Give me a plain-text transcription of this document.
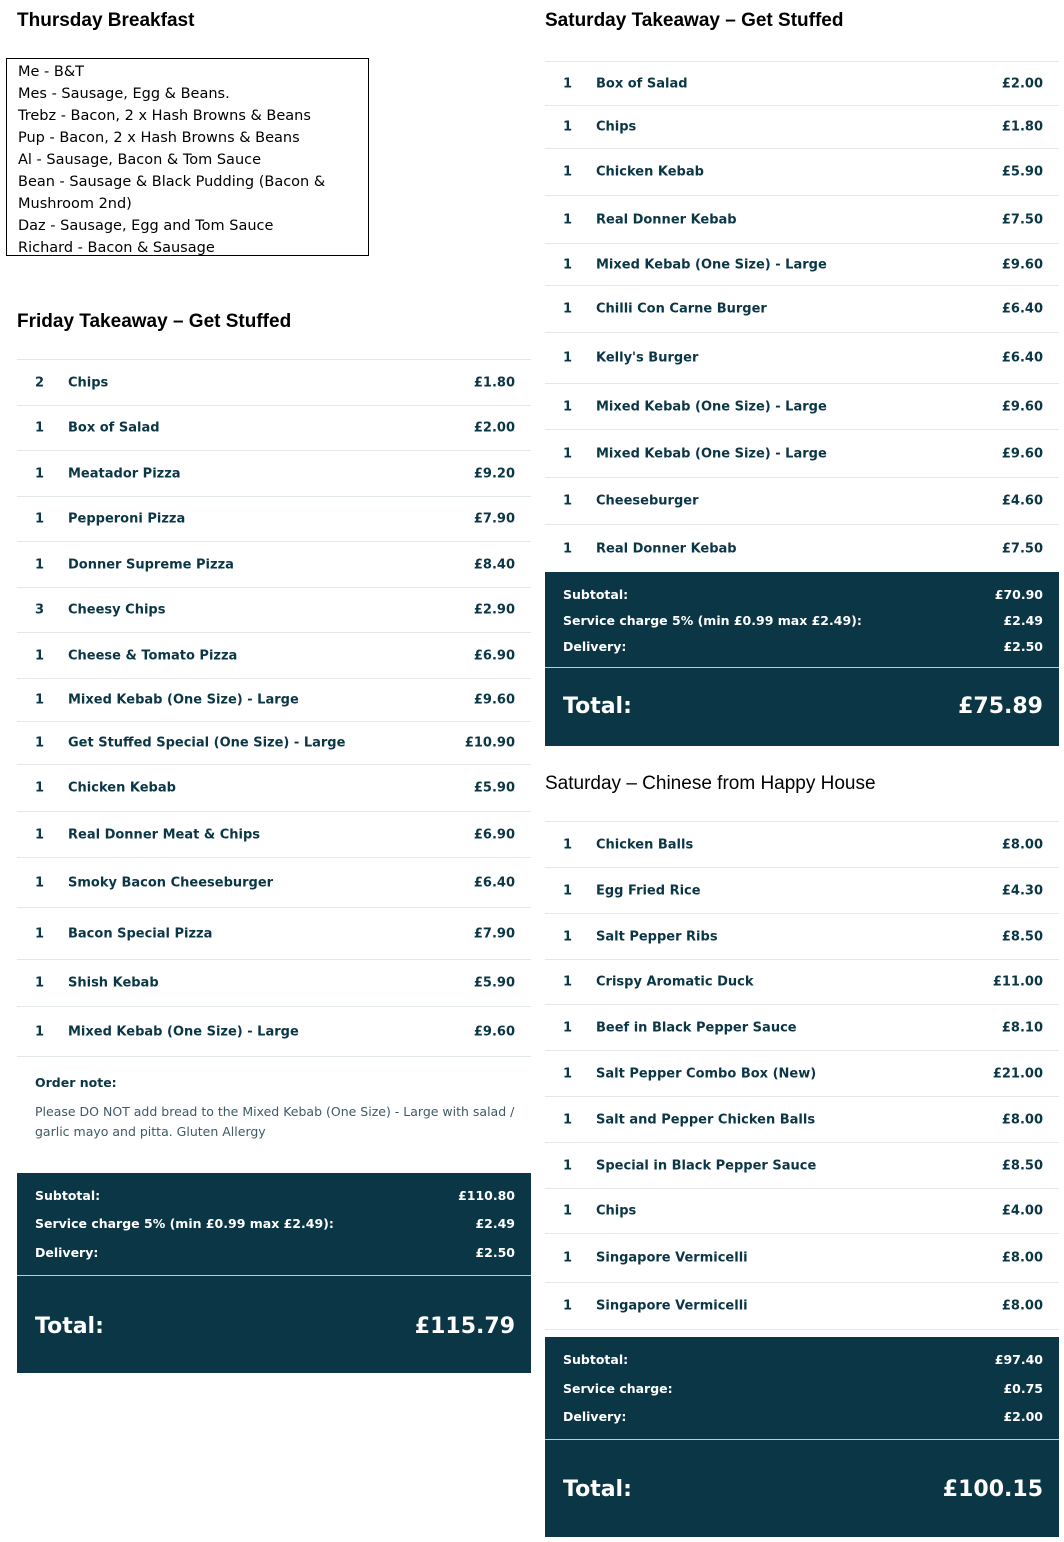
Thursday Breakfast
Me - B&T
Mes - Sausage, Egg & Beans.
Trebz - Bacon, 2 x Hash Browns & Beans
Pup - Bacon, 2 x Hash Browns & Beans
Al - Sausage, Bacon & Tom Sauce
Bean - Sausage & Black Pudding (Bacon & Mushroom 2nd)
Daz - Sausage, Egg and Tom Sauce
Richard - Bacon & Sausage
Friday Takeaway – Get Stuffed
2 Chips	£1.80
1 Box of Salad	£2.00
1 Meatador Pizza	£9.20
1 Pepperoni Pizza	£7.90
1 Donner Supreme Pizza	£8.40
3 Cheesy Chips	£2.90
1 Cheese & Tomato Pizza	£6.90
1 Mixed Kebab (One Size) - Large	£9.60
1 Get Stuffed Special (One Size) - Large	£10.90
1 Chicken Kebab	£5.90
1 Real Donner Meat & Chips	£6.90
1 Smoky Bacon Cheeseburger	£6.40
1 Bacon Special Pizza	£7.90
1 Shish Kebab	£5.90
1 Mixed Kebab (One Size) - Large	£9.60
Order note:
Please DO NOT add bread to the Mixed Kebab (One Size) - Large with salad / garlic mayo and pitta. Gluten Allergy
Subtotal:	£110.80
Service charge 5% (min £0.99 max £2.49):	£2.49
Delivery:	£2.50
Total:	£115.79
Saturday Takeaway – Get Stuffed
1 Box of Salad	£2.00
1 Chips	£1.80
1 Chicken Kebab	£5.90
1 Real Donner Kebab	£7.50
1 Mixed Kebab (One Size) - Large	£9.60
1 Chilli Con Carne Burger	£6.40
1 Kelly's Burger	£6.40
1 Mixed Kebab (One Size) - Large	£9.60
1 Mixed Kebab (One Size) - Large	£9.60
1 Cheeseburger	£4.60
1 Real Donner Kebab	£7.50
Subtotal:	£70.90
Service charge 5% (min £0.99 max £2.49):	£2.49
Delivery:	£2.50
Total:	£75.89
Saturday – Chinese from Happy House
1 Chicken Balls	£8.00
1 Egg Fried Rice	£4.30
1 Salt Pepper Ribs	£8.50
1 Crispy Aromatic Duck	£11.00
1 Beef in Black Pepper Sauce	£8.10
1 Salt Pepper Combo Box (New)	£21.00
1 Salt and Pepper Chicken Balls	£8.00
1 Special in Black Pepper Sauce	£8.50
1 Chips	£4.00
1 Singapore Vermicelli	£8.00
1 Singapore Vermicelli	£8.00
Subtotal:	£97.40
Service charge:	£0.75
Delivery:	£2.00
Total:	£100.15
